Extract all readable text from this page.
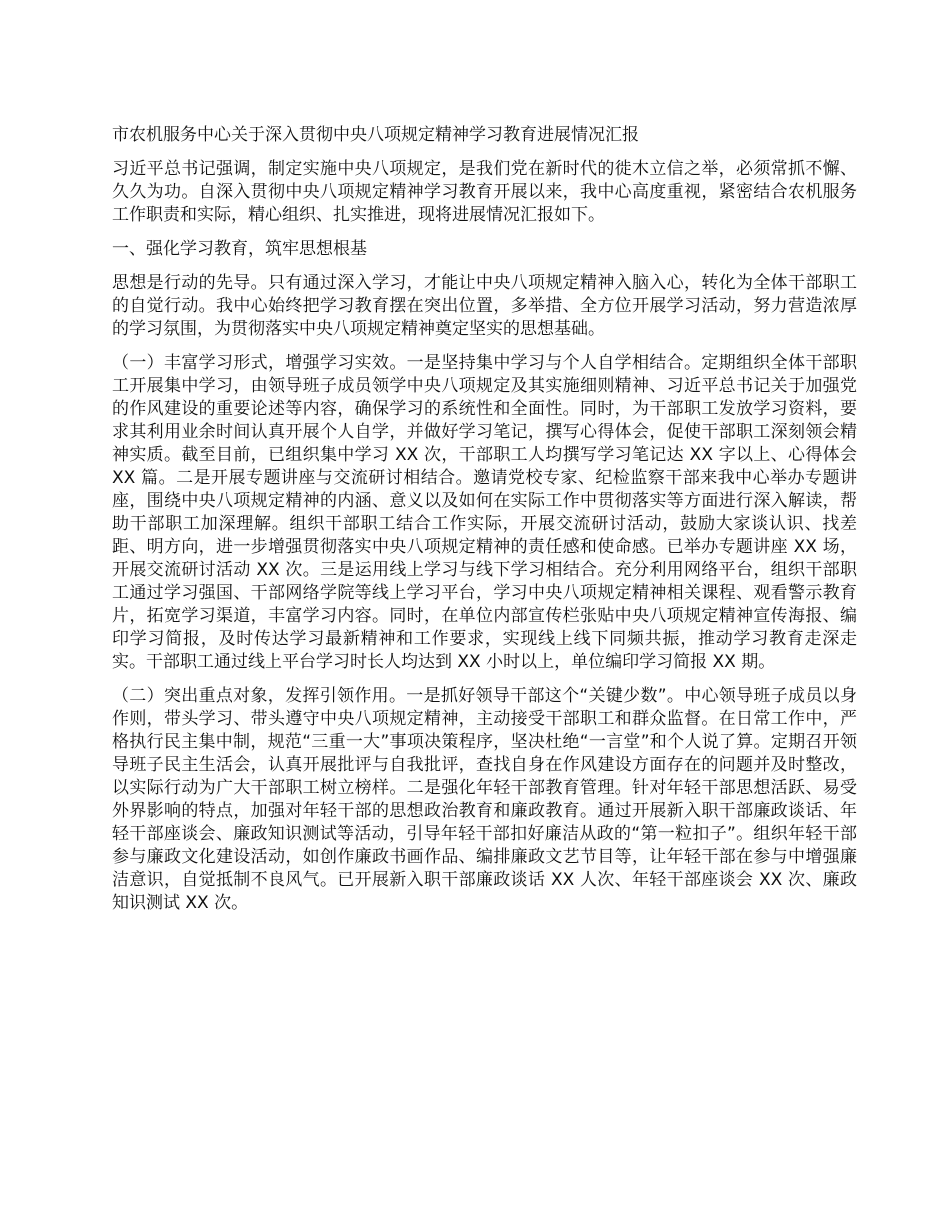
市农机服务中心关于深入贯彻中央八项规定精神学习教育进展情况汇报

习近平总书记强调，制定实施中央八项规定，是我们党在新时代的徙木立信之举，必须常抓不懈、久久为功。自深入贯彻中央八项规定精神学习教育开展以来，我中心高度重视，紧密结合农机服务工作职责和实际，精心组织、扎实推进，现将进展情况汇报如下。

一、强化学习教育，筑牢思想根基

思想是行动的先导。只有通过深入学习，才能让中央八项规定精神入脑入心，转化为全体干部职工的自觉行动。我中心始终把学习教育摆在突出位置，多举措、全方位开展学习活动，努力营造浓厚的学习氛围，为贯彻落实中央八项规定精神奠定坚实的思想基础。

（一）丰富学习形式，增强学习实效。一是坚持集中学习与个人自学相结合。定期组织全体干部职工开展集中学习，由领导班子成员领学中央八项规定及其实施细则精神、习近平总书记关于加强党的作风建设的重要论述等内容，确保学习的系统性和全面性。同时，为干部职工发放学习资料，要求其利用业余时间认真开展个人自学，并做好学习笔记，撰写心得体会，促使干部职工深刻领会精神实质。截至目前，已组织集中学习 XX 次，干部职工人均撰写学习笔记达 XX 字以上、心得体会 XX 篇。二是开展专题讲座与交流研讨相结合。邀请党校专家、纪检监察干部来我中心举办专题讲座，围绕中央八项规定精神的内涵、意义以及如何在实际工作中贯彻落实等方面进行深入解读，帮助干部职工加深理解。组织干部职工结合工作实际，开展交流研讨活动，鼓励大家谈认识、找差距、明方向，进一步增强贯彻落实中央八项规定精神的责任感和使命感。已举办专题讲座 XX 场，开展交流研讨活动 XX 次。三是运用线上学习与线下学习相结合。充分利用网络平台，组织干部职工通过学习强国、干部网络学院等线上学习平台，学习中央八项规定精神相关课程、观看警示教育片，拓宽学习渠道，丰富学习内容。同时，在单位内部宣传栏张贴中央八项规定精神宣传海报、编印学习简报，及时传达学习最新精神和工作要求，实现线上线下同频共振，推动学习教育走深走实。干部职工通过线上平台学习时长人均达到 XX 小时以上，单位编印学习简报 XX 期。

（二）突出重点对象，发挥引领作用。一是抓好领导干部这个“关键少数”。中心领导班子成员以身作则，带头学习、带头遵守中央八项规定精神，主动接受干部职工和群众监督。在日常工作中，严格执行民主集中制，规范“三重一大”事项决策程序，坚决杜绝“一言堂”和个人说了算。定期召开领导班子民主生活会，认真开展批评与自我批评，查找自身在作风建设方面存在的问题并及时整改，以实际行动为广大干部职工树立榜样。二是强化年轻干部教育管理。针对年轻干部思想活跃、易受外界影响的特点，加强对年轻干部的思想政治教育和廉政教育。通过开展新入职干部廉政谈话、年轻干部座谈会、廉政知识测试等活动，引导年轻干部扣好廉洁从政的“第一粒扣子”。组织年轻干部参与廉政文化建设活动，如创作廉政书画作品、编排廉政文艺节目等，让年轻干部在参与中增强廉洁意识，自觉抵制不良风气。已开展新入职干部廉政谈话 XX 人次、年轻干部座谈会 XX 次、廉政知识测试 XX 次。
